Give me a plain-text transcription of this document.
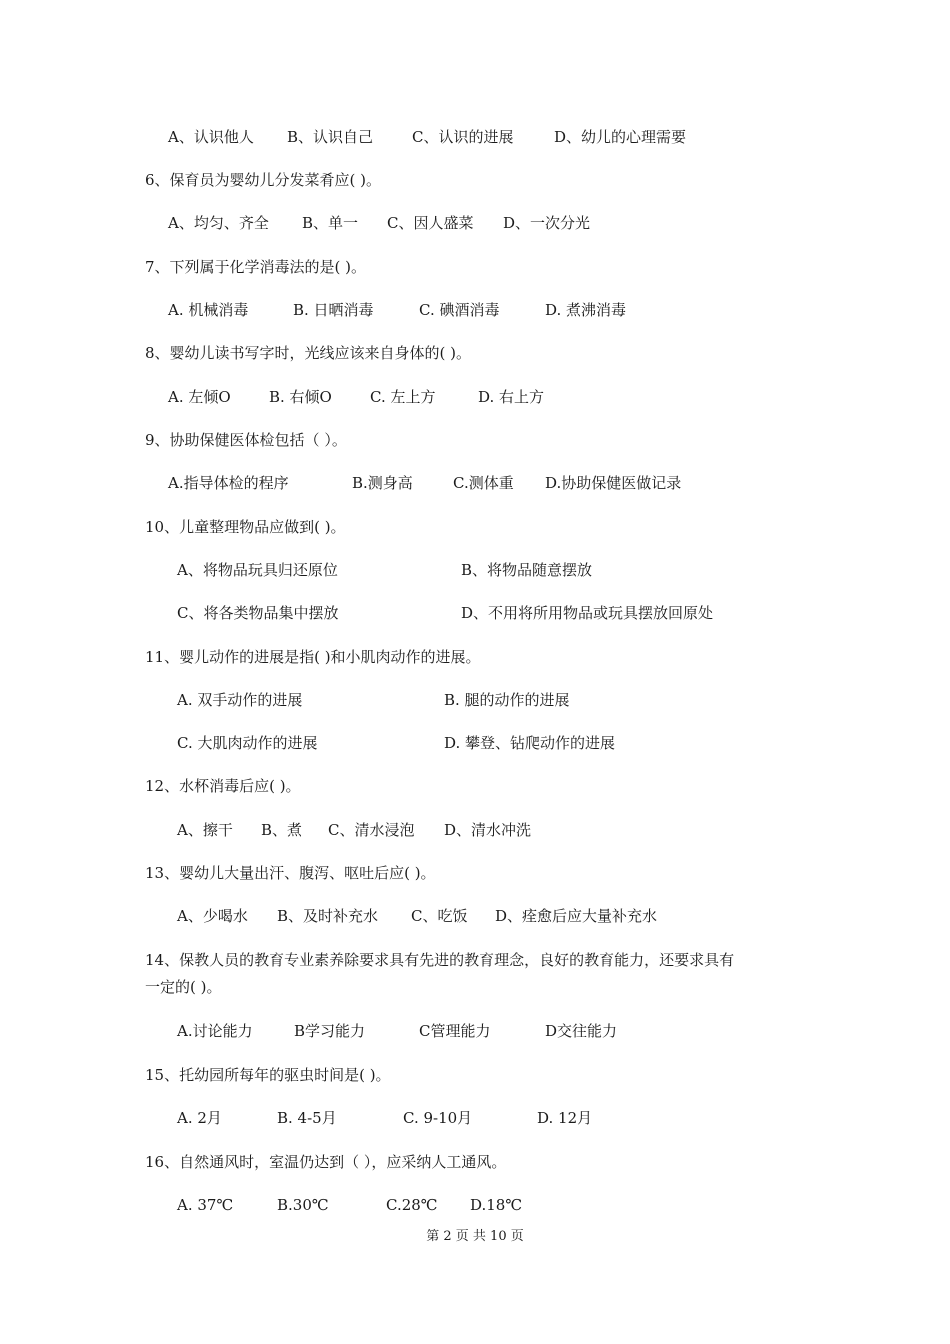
A、认识他人 B、认识自己	C、认识的进展	D、幼儿的心理需要
6、保育员为婴幼儿分发菜肴应( )。
A、均匀、齐全 B、单一 C、因人盛菜 D、一次分光
7、下列属于化学消毒法的是( )。
A. 机械消毒	B. 日晒消毒	C. 碘酒消毒	D. 煮沸消毒
8、婴幼儿读书写字时，光线应该来自身体的( )。
A. 左倾O	B. 右倾O	C. 左上方	D. 右上方
9、协助保健医体检包括（ ）。
A.指导体检的程序	B.测身高	C.测体重 D.协助保健医做记录
10、儿童整理物品应做到( )。
A、将物品玩具归还原位	B、将物品随意摆放
C、将各类物品集中摆放	D、不用将所用物品或玩具摆放回原处
11、婴儿动作的进展是指( )和小肌肉动作的进展。
A. 双手动作的进展	B. 腿的动作的进展
C. 大肌肉动作的进展	D. 攀登、钻爬动作的进展
12、水杯消毒后应( )。
A、擦干 B、煮 C、清水浸泡 D、清水冲洗
13、婴幼儿大量出汗、腹泻、呕吐后应( )。
A、少喝水 B、及时补充水 C、吃饭 D、痊愈后应大量补充水
14、保教人员的教育专业素养除要求具有先进的教育理念，良好的教育能力，还要求具有
一定的( )。
A.讨论能力	B学习能力	C管理能力	D交往能力
15、托幼园所每年的驱虫时间是( )。
A. 2月	B. 4-5月	C. 9-10月	D. 12月
16、自然通风时，室温仍达到（ ），应采纳人工通风。
A. 37℃	B.30℃	C.28℃ D.18℃
第 2 页 共 10 页
